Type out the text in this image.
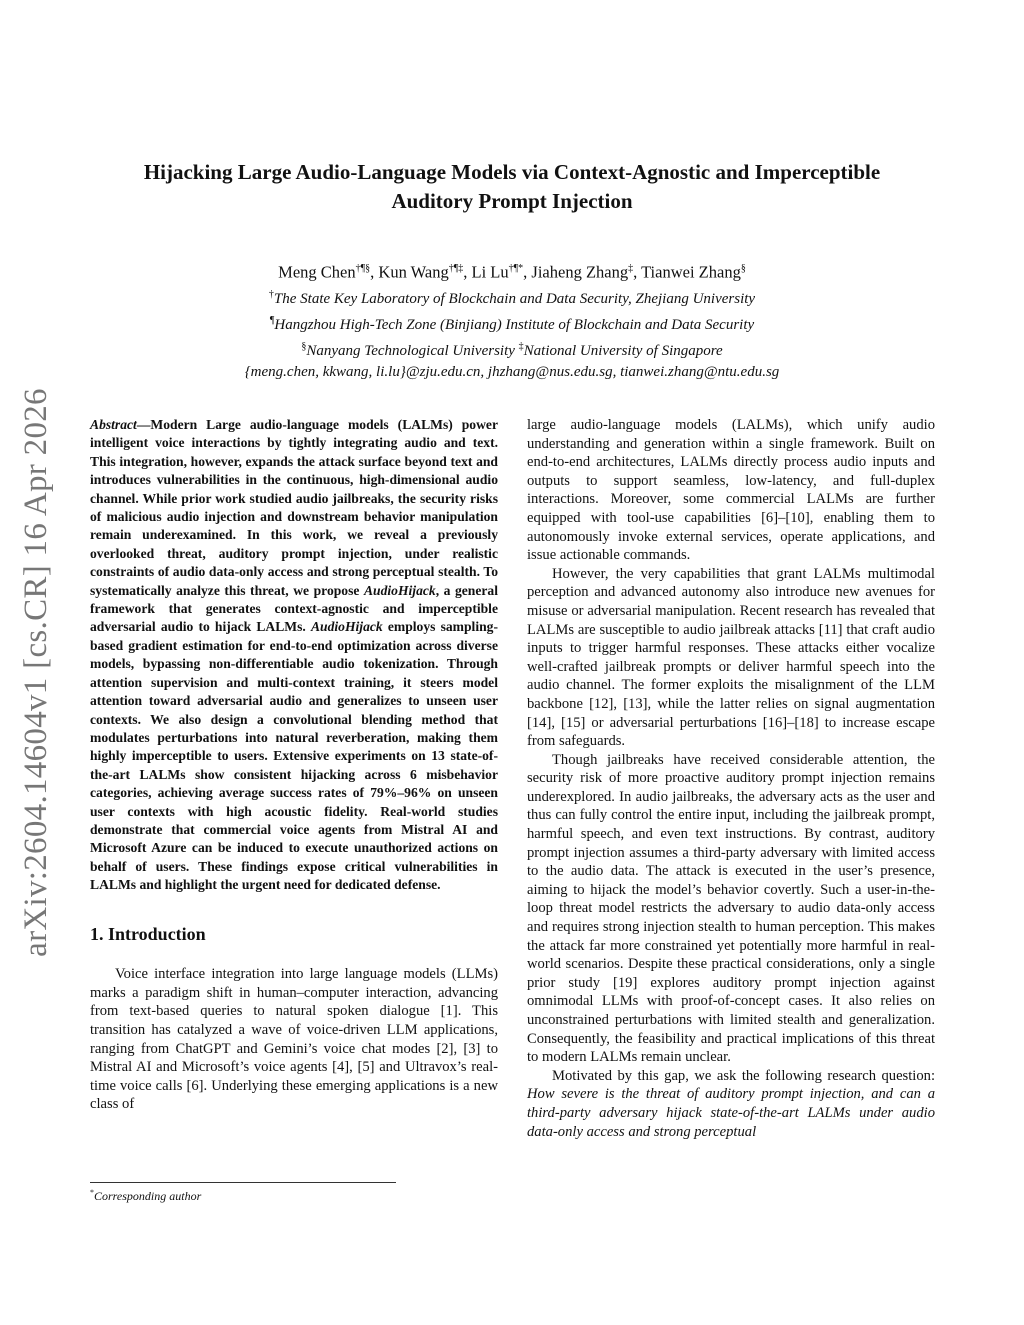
arXiv:2604.14604v1 [cs.CR] 16 Apr 2026
Hijacking Large Audio-Language Models via Context-Agnostic and Imperceptible
Auditory Prompt Injection
Meng Chen†¶§, Kun Wang†¶‡, Li Lu†¶*, Jiaheng Zhang‡, Tianwei Zhang§
†The State Key Laboratory of Blockchain and Data Security, Zhejiang University
¶Hangzhou High-Tech Zone (Binjiang) Institute of Blockchain and Data Security
§Nanyang Technological University ‡National University of Singapore
{meng.chen, kkwang, li.lu}@zju.edu.cn, jhzhang@nus.edu.sg, tianwei.zhang@ntu.edu.sg

Abstract—Modern Large audio-language models (LALMs) power intelligent voice interactions by tightly integrating audio and text. This integration, however, expands the attack surface beyond text and introduces vulnerabilities in the continuous, high-dimensional audio channel. While prior work studied audio jailbreaks, the security risks of malicious audio injection and downstream behavior manipulation remain underexamined. In this work, we reveal a previously overlooked threat, auditory prompt injection, under realistic constraints of audio data-only access and strong perceptual stealth. To systematically analyze this threat, we propose AudioHijack, a general framework that generates context-agnostic and imperceptible adversarial audio to hijack LALMs. AudioHijack employs sampling-based gradient estimation for end-to-end optimization across diverse models, bypassing non-differentiable audio tokenization. Through attention supervision and multi-context training, it steers model attention toward adversarial audio and generalizes to unseen user contexts. We also design a convolutional blending method that modulates perturbations into natural reverberation, making them highly imperceptible to users. Extensive experiments on 13 state-of-the-art LALMs show consistent hijacking across 6 misbehavior categories, achieving average success rates of 79%–96% on unseen user contexts with high acoustic fidelity. Real-world studies demonstrate that commercial voice agents from Mistral AI and Microsoft Azure can be induced to execute unauthorized actions on behalf of users. These findings expose critical vulnerabilities in LALMs and highlight the urgent need for dedicated defense.

1. Introduction

Voice interface integration into large language models (LLMs) marks a paradigm shift in human–computer interaction, advancing from text-based queries to natural spoken dialogue [1]. This transition has catalyzed a wave of voice-driven LLM applications, ranging from ChatGPT and Gemini’s voice chat modes [2], [3] to Mistral AI and Microsoft’s voice agents [4], [5] and Ultravox’s real-time voice calls [6]. Underlying these emerging applications is a new class of

large audio-language models (LALMs), which unify audio understanding and generation within a single framework. Built on end-to-end architectures, LALMs directly process audio inputs and outputs to support seamless, low-latency, and full-duplex interactions. Moreover, some commercial LALMs are further equipped with tool-use capabilities [6]–[10], enabling them to autonomously invoke external services, operate applications, and issue actionable commands.

However, the very capabilities that grant LALMs multimodal perception and advanced autonomy also introduce new avenues for misuse or adversarial manipulation. Recent research has revealed that LALMs are susceptible to audio jailbreak attacks [11] that craft audio inputs to trigger harmful responses. These attacks either vocalize well-crafted jailbreak prompts or deliver harmful speech into the audio channel. The former exploits the misalignment of the LLM backbone [12], [13], while the latter relies on signal augmentation [14], [15] or adversarial perturbations [16]–[18] to increase escape from safeguards.

Though jailbreaks have received considerable attention, the security risk of more proactive auditory prompt injection remains underexplored. In audio jailbreaks, the adversary acts as the user and thus can fully control the entire input, including the jailbreak prompt, harmful speech, and even text instructions. By contrast, auditory prompt injection assumes a third-party adversary with limited access to the audio data. The attack is executed in the user’s presence, aiming to hijack the model’s behavior covertly. Such a user-in-the-loop threat model restricts the adversary to audio data-only access and requires strong injection stealth to human perception. This makes the attack far more constrained yet potentially more harmful in real-world scenarios. Despite these practical considerations, only a single prior study [19] explores auditory prompt injection against omnimodal LLMs with proof-of-concept cases. It also relies on unconstrained perturbations with limited stealth and generalization. Consequently, the feasibility and practical implications of this threat to modern LALMs remain unclear.

Motivated by this gap, we ask the following research question: How severe is the threat of auditory prompt injection, and can a third-party adversary hijack state-of-the-art LALMs under audio data-only access and strong perceptual

*Corresponding author
